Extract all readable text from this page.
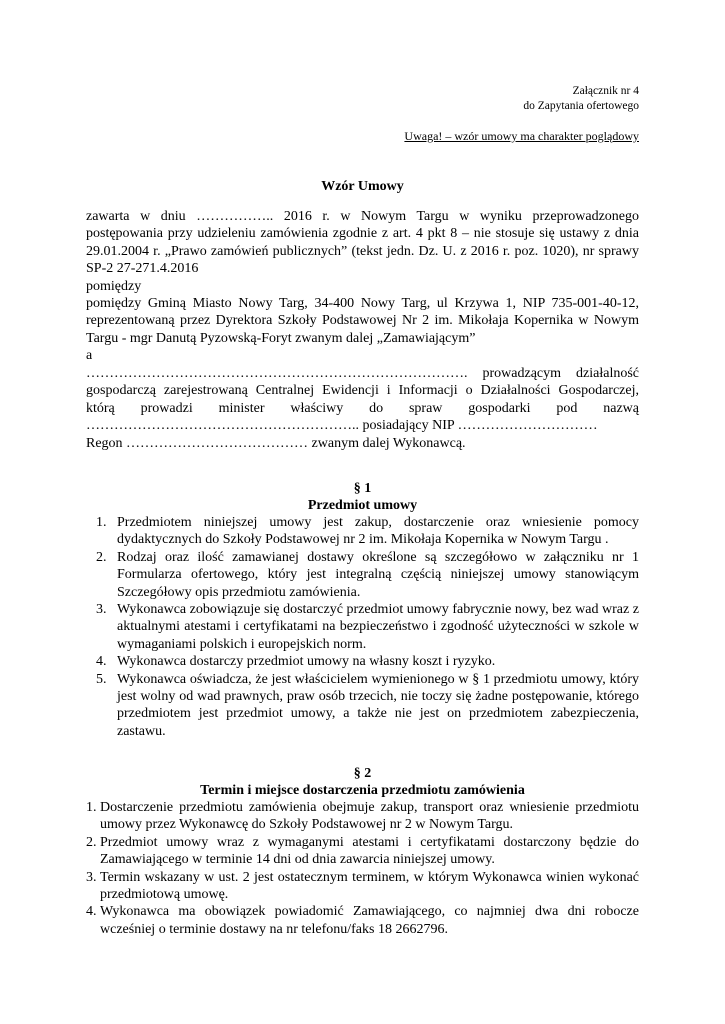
Załącznik nr 4
do Zapytania ofertowego
Uwaga! – wzór umowy ma charakter poglądowy
Wzór Umowy

zawarta w dniu …………….. 2016 r. w Nowym Targu w wyniku przeprowadzonego postępowania przy udzieleniu zamówienia zgodnie z art. 4 pkt 8 – nie stosuje się ustawy z dnia 29.01.2004 r. „Prawo zamówień publicznych” (tekst jedn. Dz. U. z 2016 r. poz. 1020), nr sprawy SP-2 27-271.4.2016

pomiędzy

pomiędzy Gminą Miasto Nowy Targ, 34-400 Nowy Targ, ul Krzywa 1, NIP 735-001-40-12, reprezentowaną przez Dyrektora Szkoły Podstawowej Nr 2 im. Mikołaja Kopernika w Nowym Targu - mgr Danutą Pyzowską-Foryt zwanym dalej „Zamawiającym”

a

………………………………………………………………………. prowadzącym działalność

gospodarczą zarejestrowaną Centralnej Ewidencji i Informacji o Działalności Gospodarczej,

którą prowadzi minister właściwy do spraw gospodarki pod nazwą

………………………………………………….. posiadający NIP …………………………

Regon ………………………………… zwanym dalej Wykonawcą.

§ 1
Przedmiot umowy
1. Przedmiotem niniejszej umowy jest zakup, dostarczenie oraz wniesienie pomocy dydaktycznych do Szkoły Podstawowej nr 2 im. Mikołaja Kopernika w Nowym Targu .
2. Rodzaj oraz ilość zamawianej dostawy określone są szczegółowo w załączniku nr 1 Formularza ofertowego, który jest integralną częścią niniejszej umowy stanowiącym Szczegółowy opis przedmiotu zamówienia.
3. Wykonawca zobowiązuje się dostarczyć przedmiot umowy fabrycznie nowy, bez wad wraz z aktualnymi atestami i certyfikatami na bezpieczeństwo i zgodność użyteczności w szkole w wymaganiami polskich i europejskich norm.
4. Wykonawca dostarczy przedmiot umowy na własny koszt i ryzyko.
5. Wykonawca oświadcza, że jest właścicielem wymienionego w § 1 przedmiotu umowy, który jest wolny od wad prawnych, praw osób trzecich, nie toczy się żadne postępowanie, którego przedmiotem jest przedmiot umowy, a także nie jest on przedmiotem zabezpieczenia, zastawu.
§ 2
Termin i miejsce dostarczenia przedmiotu zamówienia
1. Dostarczenie przedmiotu zamówienia obejmuje zakup, transport oraz wniesienie przedmiotu umowy przez Wykonawcę do Szkoły Podstawowej nr 2 w Nowym Targu.
2. Przedmiot umowy wraz z wymaganymi atestami i certyfikatami dostarczony będzie do Zamawiającego w terminie 14 dni od dnia zawarcia niniejszej umowy.
3. Termin wskazany w ust. 2 jest ostatecznym terminem, w którym Wykonawca winien wykonać przedmiotową umowę.
4. Wykonawca ma obowiązek powiadomić Zamawiającego, co najmniej dwa dni robocze wcześniej o terminie dostawy na nr telefonu/faks 18 2662796.
